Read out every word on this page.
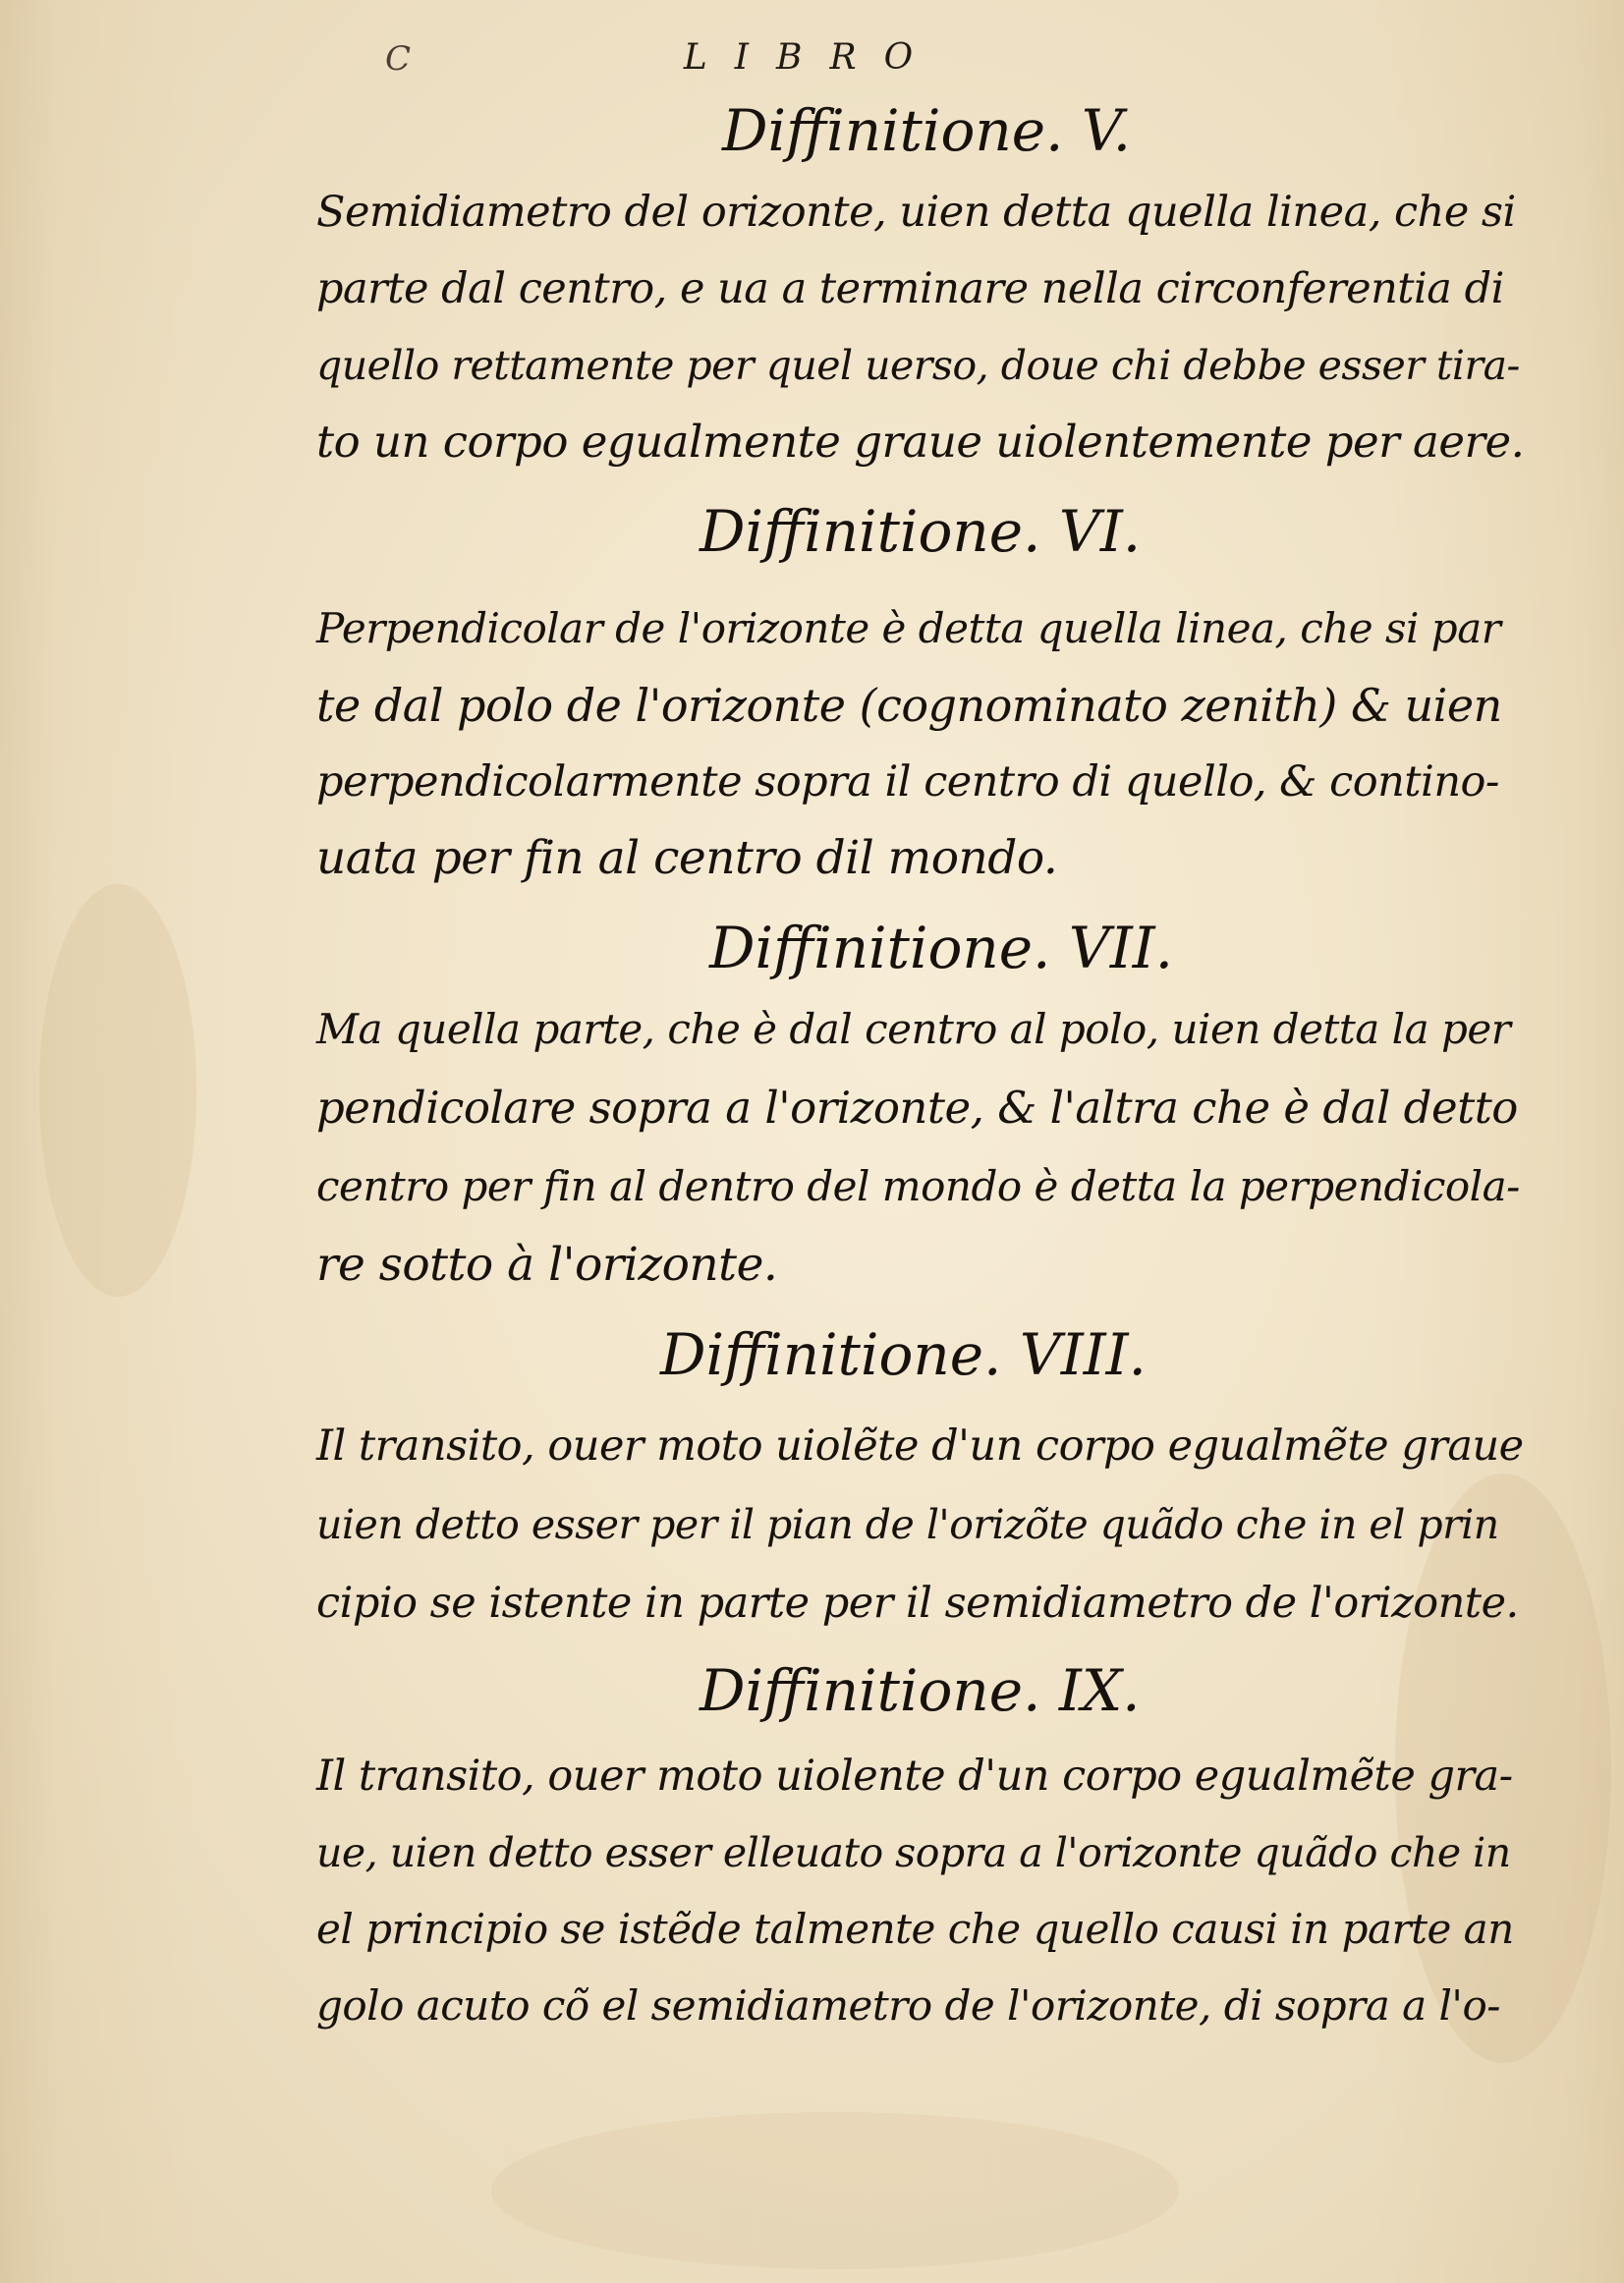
C	LIBRO
Diffinitione. V.
Semidiametro del orizonte, uien detta quella linea, che si
parte dal centro, e ua a terminare nella circonferentia di
quello rettamente per quel uerso, doue chi debbe esser tira-
to un corpo egualmente graue uiolentemente per aere.
Diffinitione. VI.
Perpendicolar de l'orizonte è detta quella linea, che si par
te dal polo de l'orizonte (cognominato zenith) & uien
perpendicolarmente sopra il centro di quello, & contino-
uata per fin al centro dil mondo.
Diffinitione. VII.
Ma quella parte, che è dal centro al polo, uien detta la per
pendicolare sopra a l'orizonte, & l'altra che è dal detto
centro per fin al dentro del mondo è detta la perpendicola-
re sotto à l'orizonte.
Diffinitione. VIII.
Il transito, ouer moto uiolẽte d'un corpo egualmẽte graue
uien detto esser per il pian de l'orizõte quãdo che in el prin
cipio se istente in parte per il semidiametro de l'orizonte.
Diffinitione. IX.
Il transito, ouer moto uiolente d'un corpo egualmẽte gra-
ue, uien detto esser elleuato sopra a l'orizonte quãdo che in
el principio se istẽde talmente che quello causi in parte an
golo acuto cõ el semidiametro de l'orizonte, di sopra a l'o-
